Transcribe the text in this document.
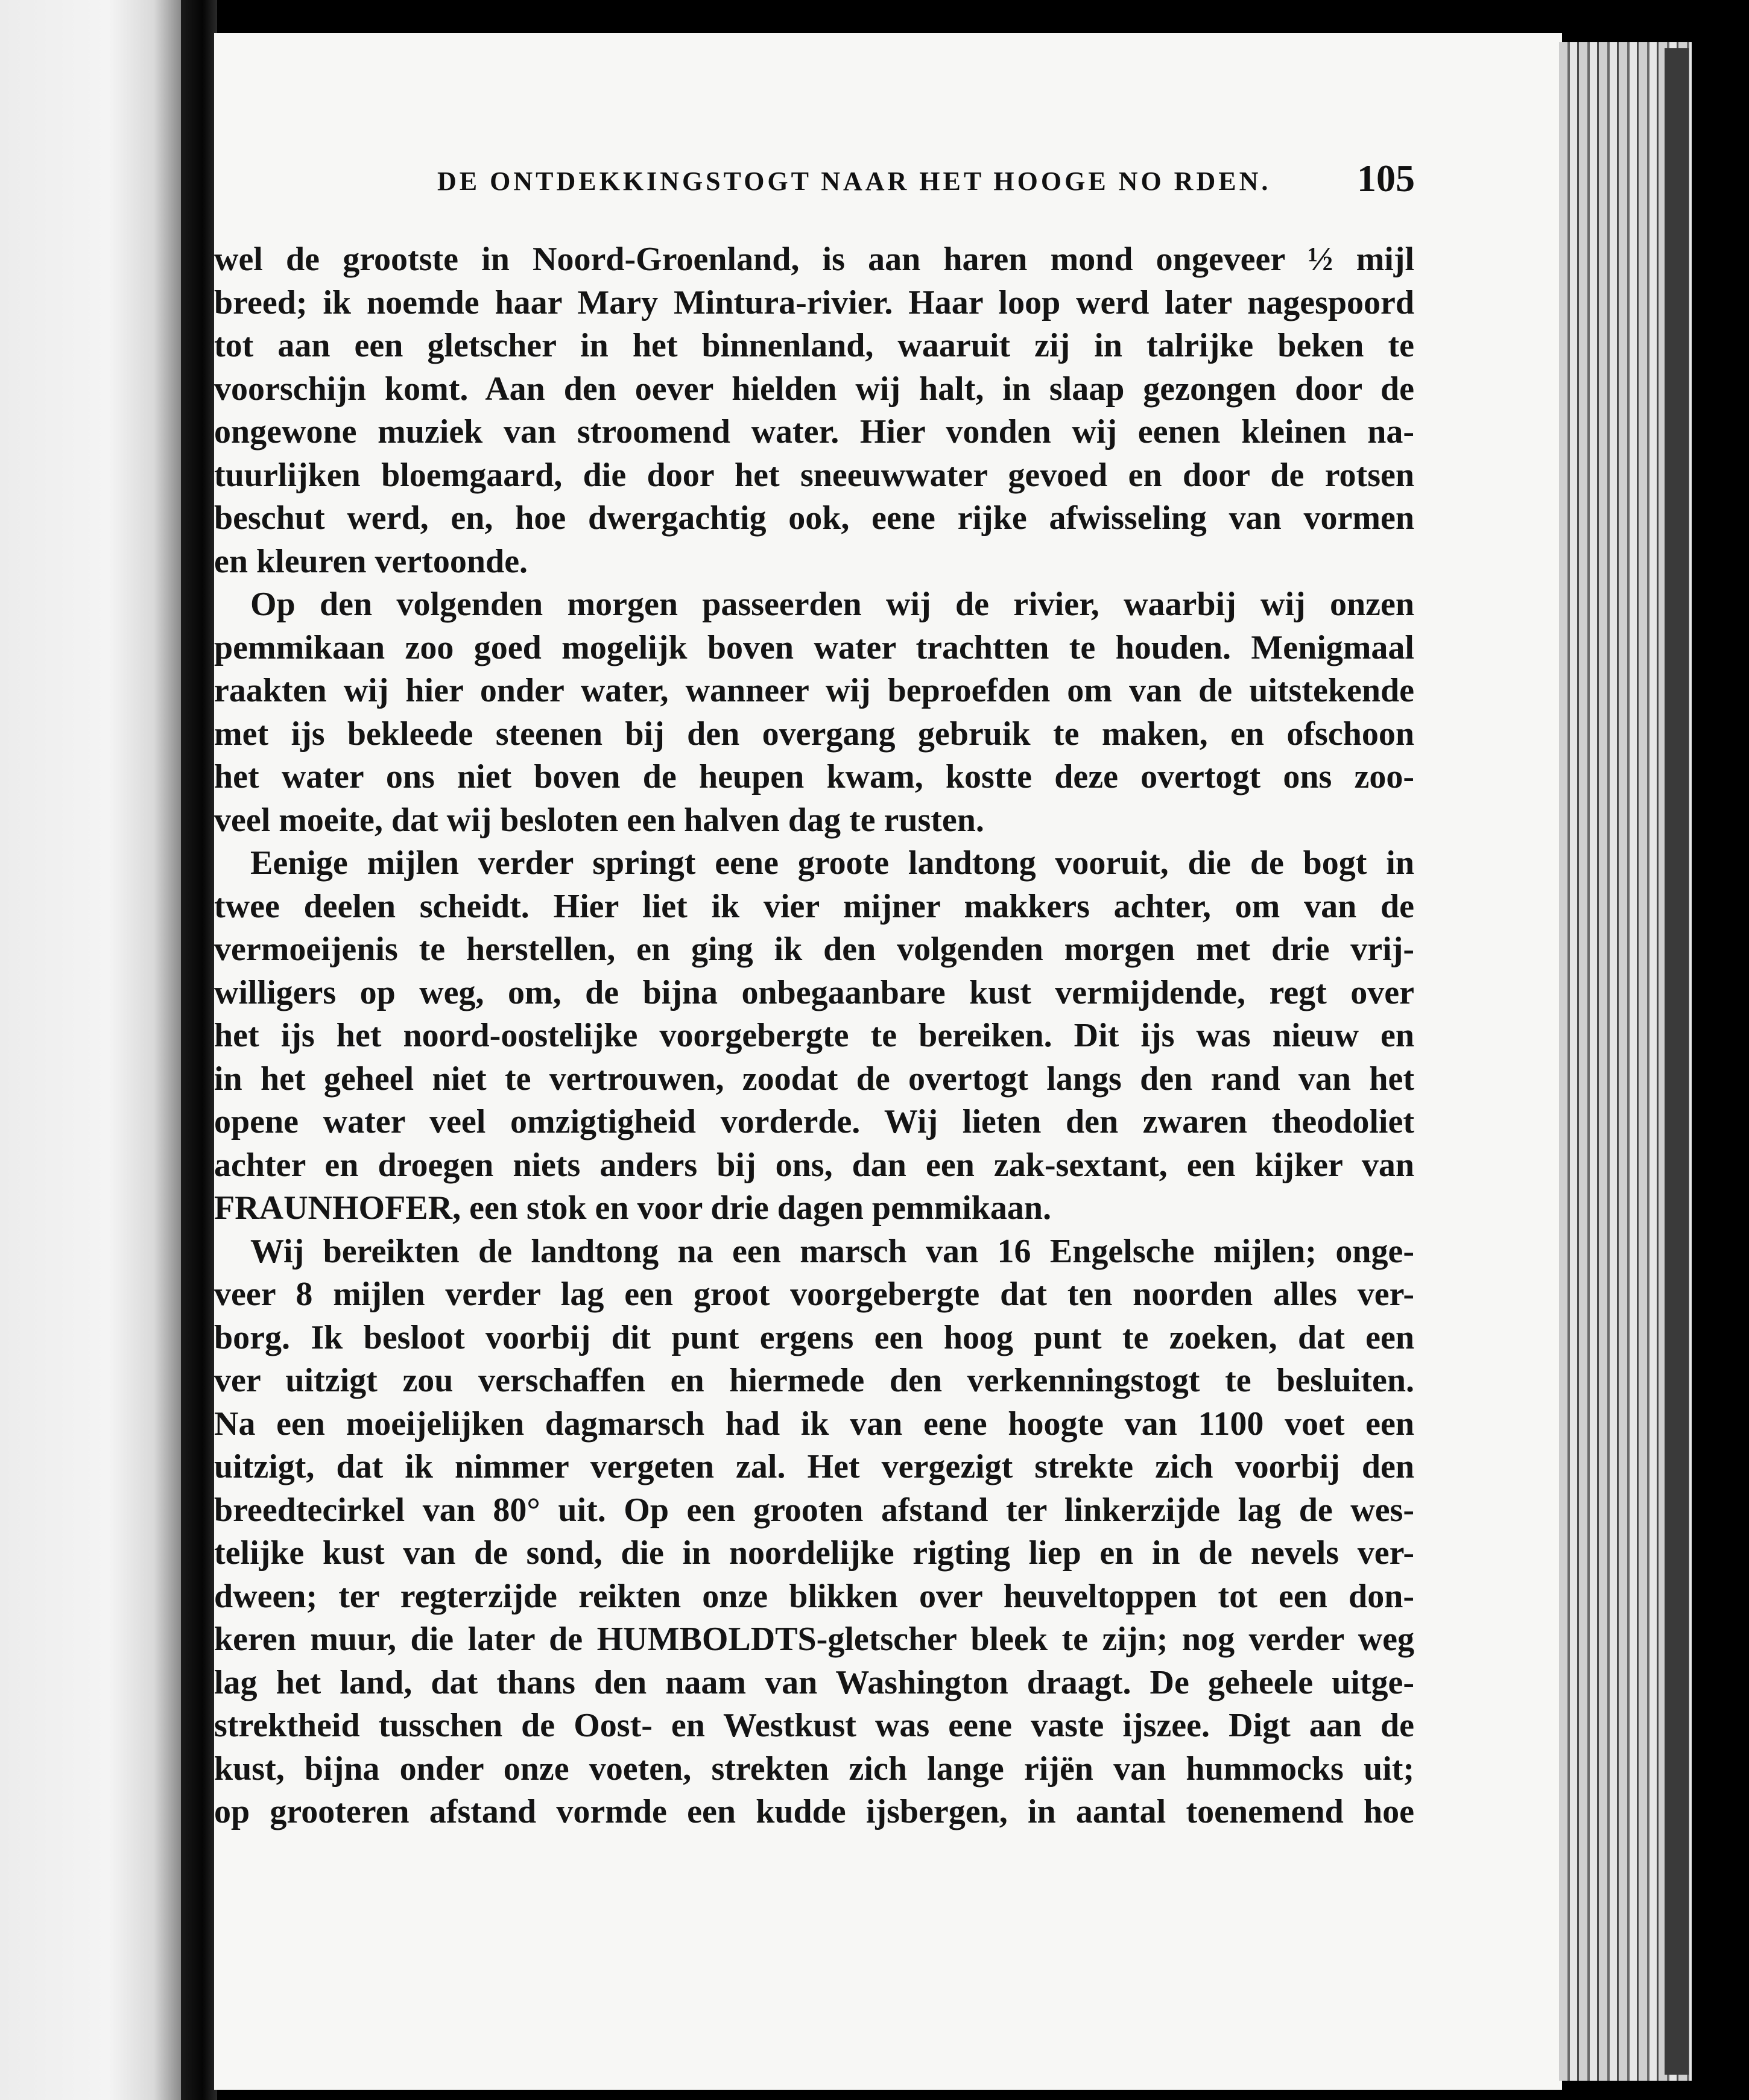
DE ONTDEKKINGSTOGT NAAR HET HOOGE NO RDEN. 105
wel de grootste in Noord-Groenland, is aan haren mond ongeveer ½ mijl
breed; ik noemde haar Mary Mintura-rivier. Haar loop werd later nagespoord
tot aan een gletscher in het binnenland, waaruit zij in talrijke beken te
voorschijn komt. Aan den oever hielden wij halt, in slaap gezongen door de
ongewone muziek van stroomend water. Hier vonden wij eenen kleinen na-
tuurlijken bloemgaard, die door het sneeuwwater gevoed en door de rotsen
beschut werd, en, hoe dwergachtig ook, eene rijke afwisseling van vormen
en kleuren vertoonde.
Op den volgenden morgen passeerden wij de rivier, waarbij wij onzen
pemmikaan zoo goed mogelijk boven water trachtten te houden. Menigmaal
raakten wij hier onder water, wanneer wij beproefden om van de uitstekende
met ijs bekleede steenen bij den overgang gebruik te maken, en ofschoon
het water ons niet boven de heupen kwam, kostte deze overtogt ons zoo-
veel moeite, dat wij besloten een halven dag te rusten.
Eenige mijlen verder springt eene groote landtong vooruit, die de bogt in
twee deelen scheidt. Hier liet ik vier mijner makkers achter, om van de
vermoeijenis te herstellen, en ging ik den volgenden morgen met drie vrij-
willigers op weg, om, de bijna onbegaanbare kust vermijdende, regt over
het ijs het noord-oostelijke voorgebergte te bereiken. Dit ijs was nieuw en
in het geheel niet te vertrouwen, zoodat de overtogt langs den rand van het
opene water veel omzigtigheid vorderde. Wij lieten den zwaren theodoliet
achter en droegen niets anders bij ons, dan een zak-sextant, een kijker van
FRAUNHOFER, een stok en voor drie dagen pemmikaan.
Wij bereikten de landtong na een marsch van 16 Engelsche mijlen; onge-
veer 8 mijlen verder lag een groot voorgebergte dat ten noorden alles ver-
borg. Ik besloot voorbij dit punt ergens een hoog punt te zoeken, dat een
ver uitzigt zou verschaffen en hiermede den verkenningstogt te besluiten.
Na een moeijelijken dagmarsch had ik van eene hoogte van 1100 voet een
uitzigt, dat ik nimmer vergeten zal. Het vergezigt strekte zich voorbij den
breedtecirkel van 80° uit. Op een grooten afstand ter linkerzijde lag de wes-
telijke kust van de sond, die in noordelijke rigting liep en in de nevels ver-
dween; ter regterzijde reikten onze blikken over heuveltoppen tot een don-
keren muur, die later de HUMBOLDTS-gletscher bleek te zijn; nog verder weg
lag het land, dat thans den naam van Washington draagt. De geheele uitge-
strektheid tusschen de Oost- en Westkust was eene vaste ijszee. Digt aan de
kust, bijna onder onze voeten, strekten zich lange rijën van hummocks uit;
op grooteren afstand vormde een kudde ijsbergen, in aantal toenemend hoe
